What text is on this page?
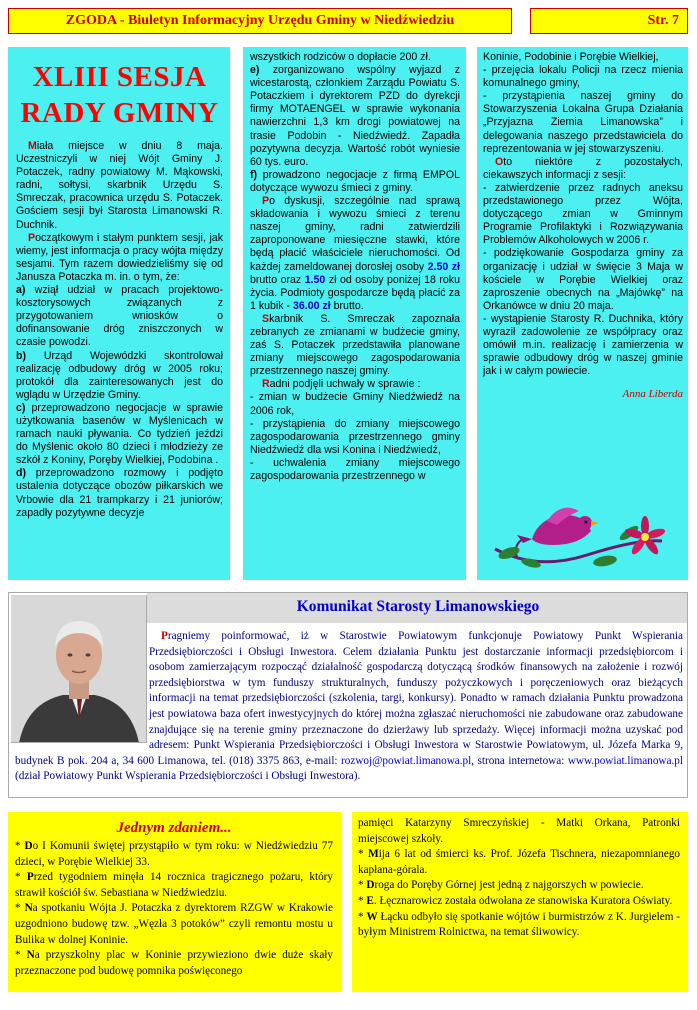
ZGODA - Biuletyn Informacyjny Urzędu Gminy w Niedźwiedziu	Str. 7
XLIII SESJA
RADY GMINY

Miała miejsce w dniu 8 maja. Uczestniczyli w niej Wójt Gminy J. Potaczek, radny powiatowy M. Mąkowski, radni, sołtysi, skarbnik Urzędu S. Smreczak, pracownica urzędu S. Potaczek. Gościem sesji był Starosta Limanowski R. Duchnik.

Początkowym i stałym punktem sesji, jak wiemy, jest informacja o pracy wójta między sesjami. Tym razem dowiedzieliśmy się od Janusza Potaczka m. in. o tym, że:

a) wziął udział w pracach projektowo-kosztorysowych związanych z przygotowaniem wniosków o dofinansowanie dróg zniszczonych w czasie powodzi.

b) Urząd Wojewódzki skontrolował realizację odbudowy dróg w 2005 roku; protokół dla zainteresowanych jest do wglądu w Urzędzie Gminy.

c) przeprowadzono negocjacje w sprawie użytkowania basenów w Myślenicach w ramach nauki pływania. Co tydzień jeździ do Myślenic około 80 dzieci i młodzieży ze szkół z Koniny, Poręby Wielkiej, Podobina .

d) przeprowadzono rozmowy i podjęto ustalenia dotyczące obozów piłkarskich we Vrbowie dla 21 trampkarzy i 21 juniorów; zapadły pozytywne decyzje

wszystkich rodziców o dopłacie 200 zł.

e) zorganizowano wspólny wyjazd z wicestarostą, członkiem Zarządu Powiatu S. Potaczkiem i dyrektorem PZD do dyrekcji firmy MOTAENGEL w sprawie wykonania nawierzchni 1,3 km drogi powiatowej na trasie Podobin - Niedźwiedź. Zapadła pozytywna decyzja. Wartość robót wyniesie 60 tys. euro.

f) prowadzono negocjacje z firmą EMPOL dotyczące wywozu śmieci z gminy.

Po dyskusji, szczególnie nad sprawą składowania i wywozu śmieci z terenu naszej gminy, radni zatwierdzili zaproponowane miesięczne stawki, które będą płacić właściciele nieruchomości. Od każdej zameldowanej dorosłej osoby 2.50 zł brutto oraz 1.50 zł od osoby poniżej 18 roku życia. Podmioty gospodarcze będą płacić za 1 kubik - 36.00 zł brutto.

Skarbnik S. Smreczak zapoznała zebranych ze zmianami w budżecie gminy, zaś S. Potaczek przedstawiła planowane zmiany miejscowego zagospodarowania przestrzennego naszej gminy.

Radni podjęli uchwały w sprawie :

- zmian w budżecie Gminy Niedźwiedź na 2006 rok,

- przystąpienia do zmiany miejscowego zagospodarowania przestrzennego gminy Niedźwiedź dla wsi Konina i Niedźwiedź,

- uchwalenia zmiany miejscowego zagospodarowania przestrzennego w

Koninie, Podobinie i Porębie Wielkiej,

- przejęcia lokalu Policji na rzecz mienia komunalnego gminy,

- przystąpienia naszej gminy do Stowarzyszenia Lokalna Grupa Działania „Przyjazna Ziemia Limanowska” i delegowania naszego przedstawiciela do reprezentowania w jej stowarzyszeniu.

Oto niektóre z pozostałych, ciekawszych informacji z sesji:

- zatwierdzenie przez radnych aneksu przedstawionego przez Wójta, dotyczącego zmian w Gminnym Programie Profilaktyki i Rozwiązywania Problemów Alkoholowych w 2006 r.

- podziękowanie Gospodarza gminy za organizację i udział w święcie 3 Maja w kościele w Porębie Wielkiej oraz zaproszenie obecnych na „Majówkę” na Orkanówce w dniu 20 maja.

- wystąpienie Starosty R. Duchnika, który wyraził zadowolenie ze współpracy oraz omówił m.in. realizację i zamierzenia w sprawie odbudowy dróg w naszej gminie jak i w całym powiecie.

Anna Liberda

Komunikat Starosty Limanowskiego

Pragniemy poinformować, iż w Starostwie Powiatowym funkcjonuje Powiatowy Punkt Wspierania Przedsiębiorczości i Obsługi Inwestora. Celem działania Punktu jest dostarczanie informacji przedsiębiorcom i osobom zamierzającym rozpocząć działalność gospodarczą dotyczącą środków finansowych na założenie i rozwój przedsiębiorstwa w tym funduszy strukturalnych, funduszy pożyczkowych i poręczeniowych oraz bieżących informacji na temat przedsiębiorczości (szkolenia, targi, konkursy). Ponadto w ramach działania Punktu prowadzona jest powiatowa baza ofert inwestycyjnych do której można zgłaszać nieruchomości nie zabudowane oraz zabudowane znajdujące się na terenie gminy przeznaczone do dzierżawy lub sprzedaży. Więcej informacji można uzyskać pod adresem: Punkt Wspierania Przedsiębiorczości i Obsługi Inwestora w Starostwie Powiatowym, ul. Józefa Marka 9, budynek B pok. 204 a, 34 600 Limanowa, tel. (018) 3375 863, e-mail: rozwoj@powiat.limanowa.pl, strona internetowa: www.powiat.limanowa.pl (dział Powiatowy Punkt Wspierania Przedsiębiorczości i Obsługi Inwestora).

Jednym zdaniem...

* Do I Komunii świętej przystąpiło w tym roku: w Niedźwiedziu 77 dzieci, w Porębie Wielkiej 33.

* Przed tygodniem minęła 14 rocznica tragicznego pożaru, który strawił kościół św. Sebastiana w Niedźwiedziu.

* Na spotkaniu Wójta J. Potaczka z dyrektorem RZGW w Krakowie uzgodniono budowę tzw. „Węzła 3 potoków” czyli remontu mostu u Bulika w dolnej Koninie.

* Na przyszkolny plac w Koninie przywieziono dwie duże skały przeznaczone pod budowę pomnika poświęconego

pamięci Katarzyny Smreczyńskiej - Matki Orkana, Patronki miejscowej szkoły.

* Mija 6 lat od śmierci ks. Prof. Józefa Tischnera, niezapomnianego kapłana-górala.

* Droga do Poręby Górnej jest jedną z najgorszych w powiecie.

* E. Łęcznarowicz została odwołana ze stanowiska Kuratora Oświaty.

* W Łącku odbyło się spotkanie wójtów i burmistrzów z K. Jurgielem - byłym Ministrem Rolnictwa, na temat śliwowicy.
